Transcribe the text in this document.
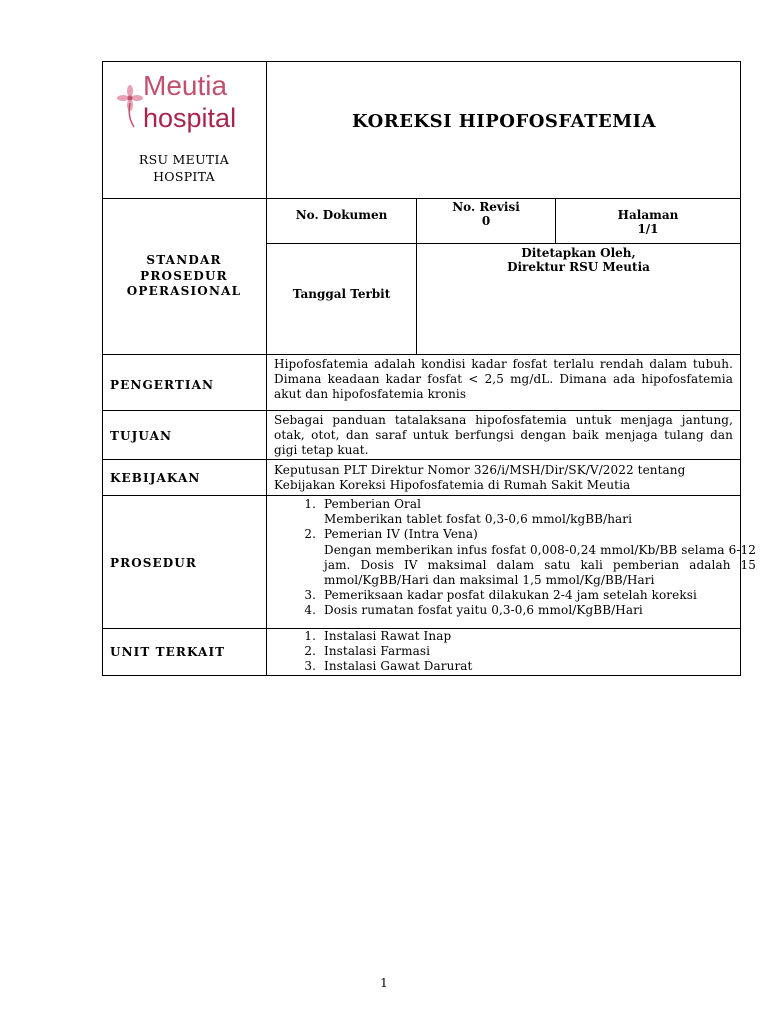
Meutia
hospital
RSU MEUTIA
HOSPITA
KOREKSI HIPOFOSFATEMIA
No. Dokumen
No. Revisi
0	Halaman
1/1
Tanggal Terbit
Ditetapkan Oleh,
Direktur RSU Meutia
STANDAR
PROSEDUR
OPERASIONAL
PENGERTIAN
Hipofosfatemia adalah kondisi kadar fosfat terlalu rendah dalam tubuh. Dimana keadaan kadar fosfat < 2,5 mg/dL. Dimana ada hipofosfatemia akut dan hipofosfatemia kronis
TUJUAN
Sebagai panduan tatalaksana hipofosfatemia untuk menjaga jantung, otak, otot, dan saraf untuk berfungsi dengan baik menjaga tulang dan gigi tetap kuat.
KEBIJAKAN
Keputusan PLT Direktur Nomor 326/i/MSH/Dir/SK/V/2022 tentang Kebijakan Koreksi Hipofosfatemia di Rumah Sakit Meutia
PROSEDUR
1. Pemberian Oral
Memberikan tablet fosfat 0,3-0,6 mmol/kgBB/hari
2. Pemerian IV (Intra Vena)
Dengan memberikan infus fosfat 0,008-0,24 mmol/Kb/BB selama 6-12 jam. Dosis IV maksimal dalam satu kali pemberian adalah 15 mmol/KgBB/Hari dan maksimal 1,5 mmol/Kg/BB/Hari
3. Pemeriksaan kadar posfat dilakukan 2-4 jam setelah koreksi
4. Dosis rumatan fosfat yaitu 0,3-0,6 mmol/KgBB/Hari
UNIT TERKAIT
1. Instalasi Rawat Inap
2. Instalasi Farmasi
3. Instalasi Gawat Darurat
1
